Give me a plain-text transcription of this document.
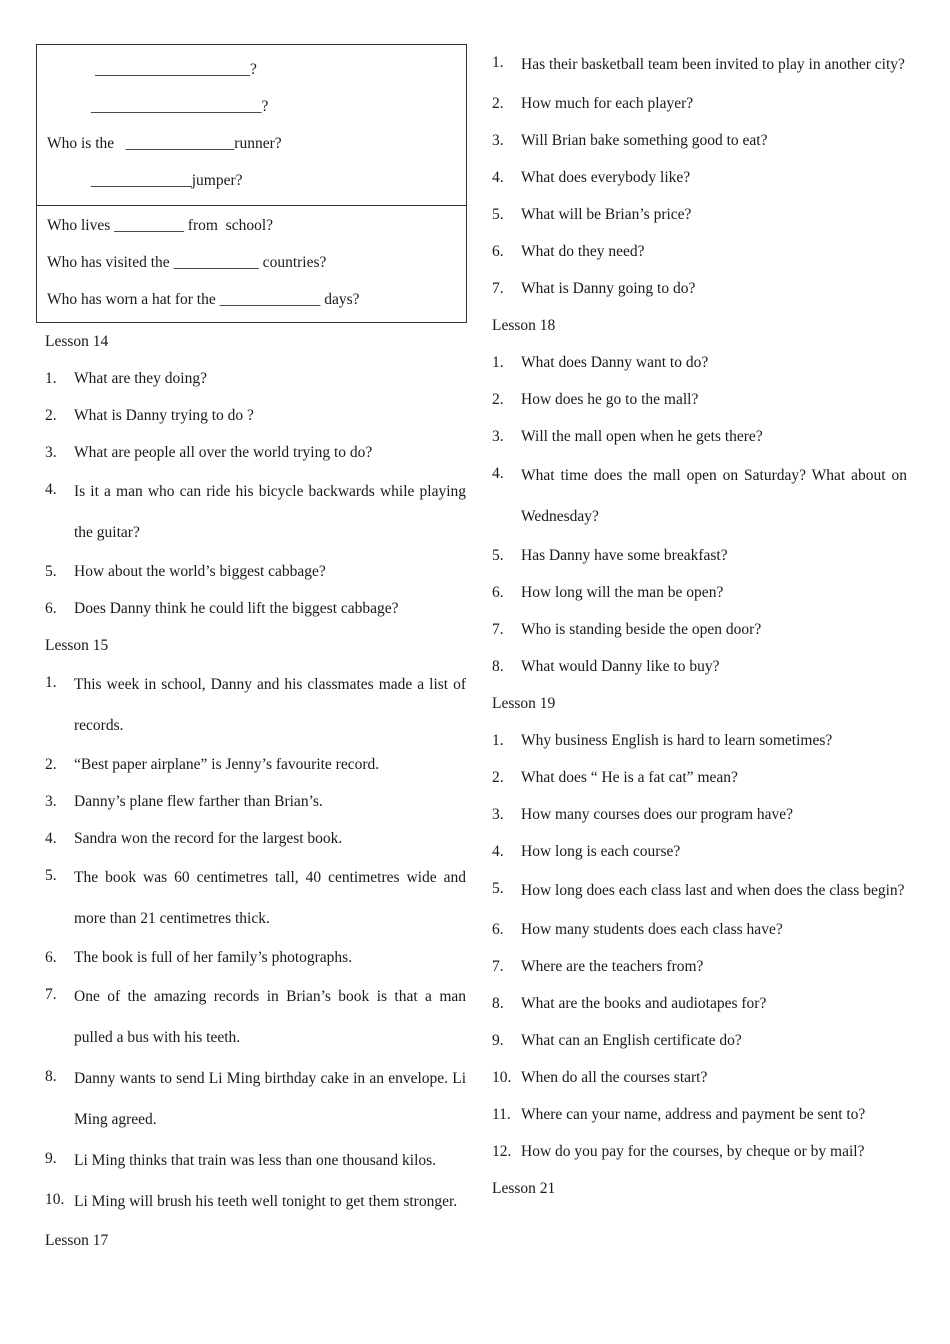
____________________?
______________________?
Who is the   ______________runner?
_____________jumper?
Who lives _________ from  school?
Who has visited the ___________ countries?
Who has worn a hat for the _____________ days?
Lesson 14
1.	What are they doing?
2.	What is Danny trying to do ?
3.	What are people all over the world trying to do?
4.	Is it a man who can ride his bicycle backwards while playing the guitar?
5.	How about the world’s biggest cabbage?
6.	Does Danny think he could lift the biggest cabbage?
Lesson 15
1.	This week in school, Danny and his classmates made a list of records.
2.	“Best paper airplane” is Jenny’s favourite record.
3.	Danny’s plane flew farther than Brian’s.
4.	Sandra won the record for the largest book.
5.	The book was 60 centimetres tall, 40 centimetres wide and more than 21 centimetres thick.
6.	The book is full of her family’s photographs.
7.	One of the amazing records in Brian’s book is that a man pulled a bus with his teeth.
8.	Danny wants to send Li Ming birthday cake in an envelope. Li Ming agreed.
9.	Li Ming thinks that train was less than one thousand kilos.
10. Li Ming will brush his teeth well tonight to get them stronger.
Lesson 17
1.	Has their basketball team been invited to play in another city?
2.	How much for each player?
3.	Will Brian bake something good to eat?
4.	What does everybody like?
5.	What will be Brian’s price?
6.	What do they need?
7.	What is Danny going to do?
Lesson 18
1.	What does Danny want to do?
2.	How does he go to the mall?
3.	Will the mall open when he gets there?
4.	What time does the mall open on Saturday? What about on Wednesday?
5.	Has Danny have some breakfast?
6.	How long will the man be open?
7.	Who is standing beside the open door?
8.	What would Danny like to buy?
Lesson 19
1.	Why business English is hard to learn sometimes?
2.	What does “ He is a fat cat” mean?
3.	How many courses does our program have?
4.	How long is each course?
5.	How long does each class last and when does the class begin?
6.	How many students does each class have?
7.	Where are the teachers from?
8.	What are the books and audiotapes for?
9.	What can an English certificate do?
10. When do all the courses start?
11. Where can your name, address and payment be sent to?
12. How do you pay for the courses, by cheque or by mail?
Lesson 21
